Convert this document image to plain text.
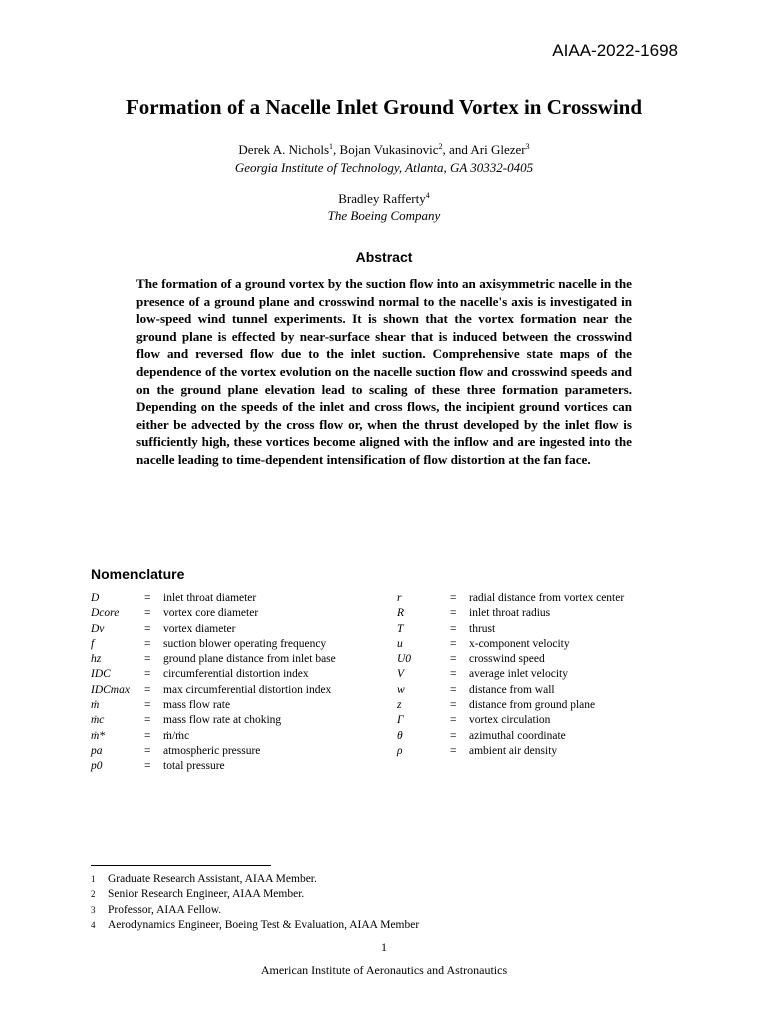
AIAA-2022-1698
Formation of a Nacelle Inlet Ground Vortex in Crosswind
Derek A. Nichols$^1$, Bojan Vukasinovic$^2$, and Ari Glezer$^3$
Georgia Institute of Technology, Atlanta, GA 30332-0405
Bradley Rafferty$^4$
The Boeing Company
Abstract
The formation of a ground vortex by the suction flow into an axisymmetric nacelle in the presence of a ground plane and crosswind normal to the nacelle's axis is investigated in low-speed wind tunnel experiments. It is shown that the vortex formation near the ground plane is effected by near-surface shear that is induced between the crosswind flow and reversed flow due to the inlet suction. Comprehensive state maps of the dependence of the vortex evolution on the nacelle suction flow and crosswind speeds and on the ground plane elevation lead to scaling of these three formation parameters. Depending on the speeds of the inlet and cross flows, the incipient ground vortices can either be advected by the cross flow or, when the thrust developed by the inlet flow is sufficiently high, these vortices become aligned with the inflow and are ingested into the nacelle leading to time-dependent intensification of flow distortion at the fan face.
Nomenclature
D	= inlet throat diameter
Dcore = vortex core diameter
Dv	= vortex diameter
f	= suction blower operating frequency
hz	= ground plane distance from inlet base
IDC	= circumferential distortion index
IDCmax = max circumferential distortion index
ṁ	= mass flow rate
ṁc	= mass flow rate at choking
ṁ*	= ṁ/ṁc
pa	= atmospheric pressure
p0	= total pressure
r	= radial distance from vortex center
R	= inlet throat radius
T	= thrust
u	= x-component velocity
U0	= crosswind speed
V	= average inlet velocity
w	= distance from wall
z	= distance from ground plane
Γ	= vortex circulation
θ	= azimuthal coordinate
ρ	= ambient air density
1 Graduate Research Assistant, AIAA Member.
2 Senior Research Engineer, AIAA Member.
3 Professor, AIAA Fellow.
4 Aerodynamics Engineer, Boeing Test & Evaluation, AIAA Member
1
American Institute of Aeronautics and Astronautics
